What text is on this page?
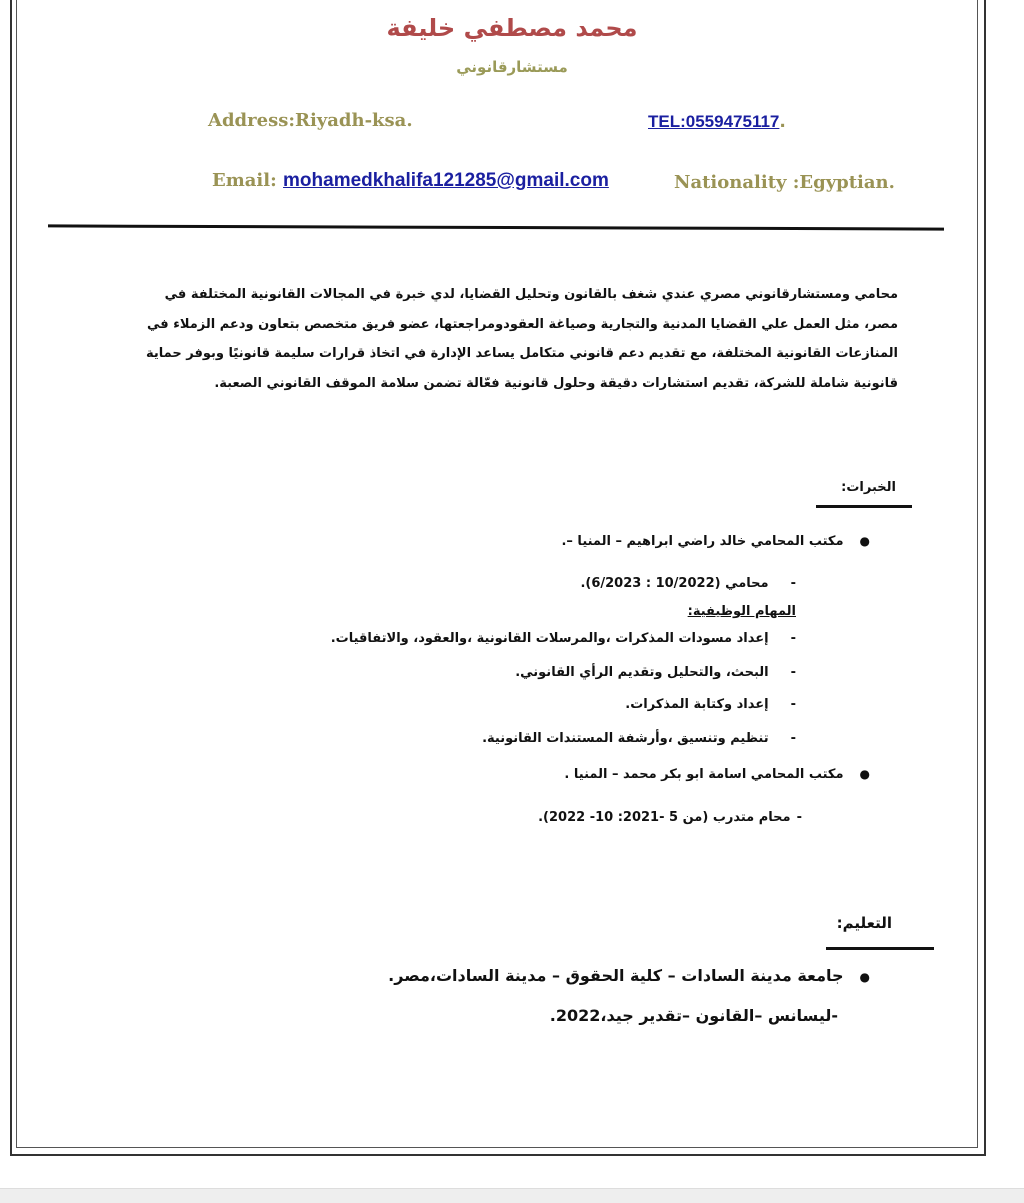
محمد مصطفي خليفة
مستشارقانوني
Address:Riyadh-ksa.	TEL:0559475117.
Email: mohamedkhalifa121285@gmail.com	Nationality :Egyptian.
محامي ومستشارقانوني مصري عندي شغف بالقانون وتحليل القضايا، لدي خبرة في المجالات القانونية المختلفة في مصر، مثل العمل علي القضايا المدنية والتجارية وصياغة العقودومراجعتها، عضو فريق متخصص بتعاون ودعم الزملاء في المنازعات القانونية المختلفة، مع تقديم دعم قانوني متكامل يساعد الإدارة في اتخاذ قرارات سليمة قانونيًا وبوفر حماية قانونية شاملة للشركة، تقديم استشارات دقيقة وحلول قانونية فعّالة تضمن سلامة الموقف القانوني الصعبة.
الخبرات:
●مكتب المحامي خالد راضي ابراهيم – المنيا –.
-محامي (10/2022 : 6/2023).
المهام الوظيفية:
-إعداد مسودات المذكرات ،والمرسلات القانونية ،والعقود، والاتفاقيات.
-البحث، والتحليل وتقديم الرأي القانوني.
-إعداد وكتابة المذكرات.
-تنظيم وتنسيق ،وأرشفة المستندات القانونية.
●مكتب المحامي اسامة ابو بكر محمد – المنيا .
-محام متدرب (من 5 -2021: 10- 2022).
التعليم:
●جامعة مدينة السادات – كلية الحقوق – مدينة السادات،مصر.
-ليسانس –القانون –تقدير جيد،2022.
